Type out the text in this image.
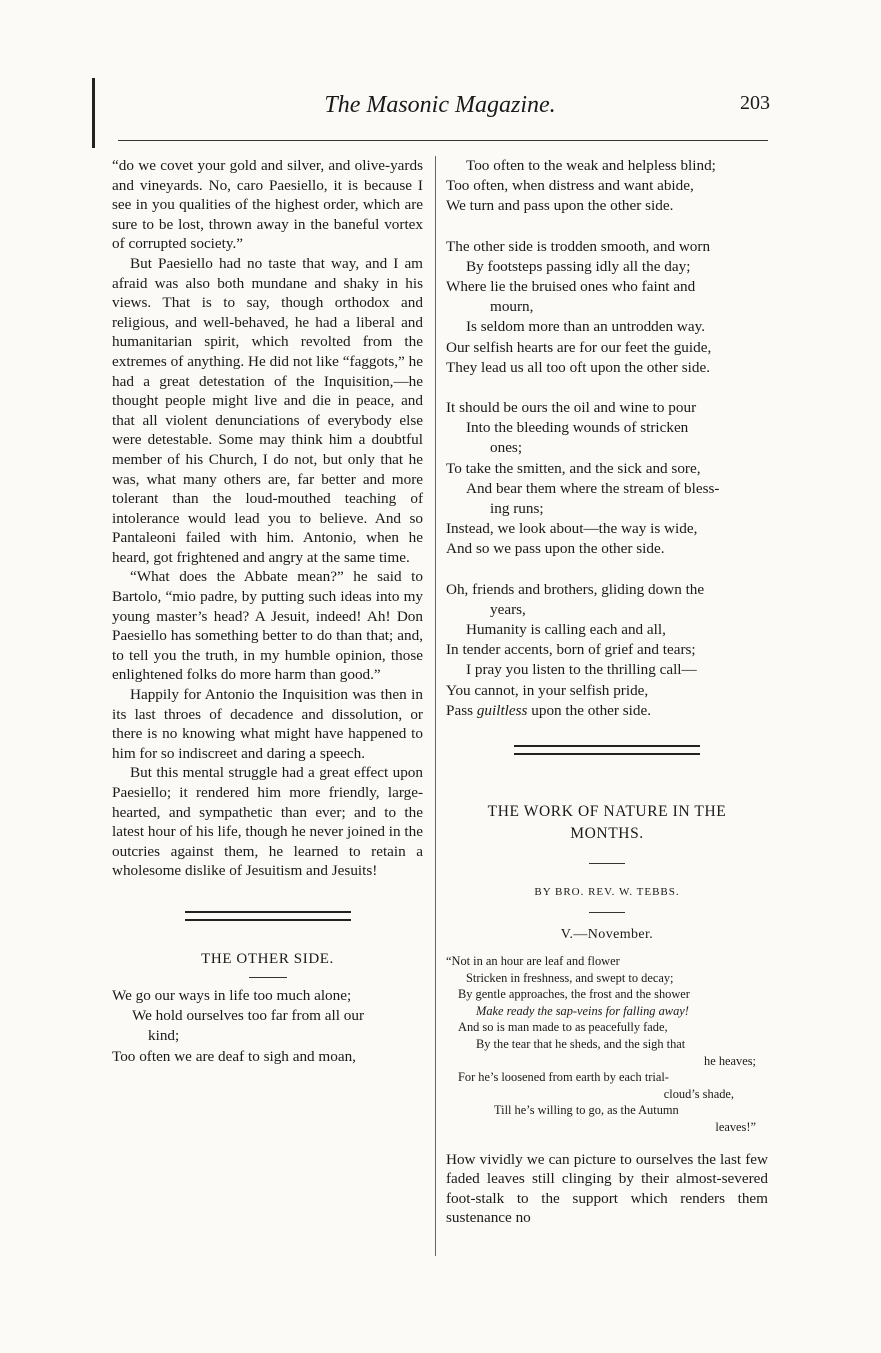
The Masonic Magazine.	203

“do we covet your gold and silver, and olive-yards and vineyards. No, caro Paesiello, it is because I see in you qualities of the highest order, which are sure to be lost, thrown away in the baneful vortex of corrupted society.”

But Paesiello had no taste that way, and I am afraid was also both mundane and shaky in his views. That is to say, though orthodox and religious, and well-behaved, he had a liberal and humanitarian spirit, which revolted from the extremes of anything. He did not like “faggots,” he had a great detestation of the Inquisition,—he thought people might live and die in peace, and that all violent denunciations of everybody else were detestable. Some may think him a doubtful member of his Church, I do not, but only that he was, what many others are, far better and more tolerant than the loud-mouthed teaching of intolerance would lead you to believe. And so Pantaleoni failed with him. Antonio, when he heard, got frightened and angry at the same time.

“What does the Abbate mean?” he said to Bartolo, “mio padre, by putting such ideas into my young master’s head? A Jesuit, indeed! Ah! Don Paesiello has something better to do than that; and, to tell you the truth, in my humble opinion, those enlightened folks do more harm than good.”

Happily for Antonio the Inquisition was then in its last throes of decadence and dissolution, or there is no knowing what might have happened to him for so indiscreet and daring a speech.

But this mental struggle had a great effect upon Paesiello; it rendered him more friendly, large-hearted, and sympathetic than ever; and to the latest hour of his life, though he never joined in the outcries against them, he learned to retain a wholesome dislike of Jesuitism and Jesuits!

THE OTHER SIDE.
We go our ways in life too much alone;
We hold ourselves too far from all our
kind;
Too often we are deaf to sigh and moan,
Too often to the weak and helpless blind;
Too often, when distress and want abide,
We turn and pass upon the other side.
The other side is trodden smooth, and worn
By footsteps passing idly all the day;
Where lie the bruised ones who faint and
mourn,
Is seldom more than an untrodden way.
Our selfish hearts are for our feet the guide,
They lead us all too oft upon the other side.
It should be ours the oil and wine to pour
Into the bleeding wounds of stricken
ones;
To take the smitten, and the sick and sore,
And bear them where the stream of bless-
ing runs;
Instead, we look about—the way is wide,
And so we pass upon the other side.
Oh, friends and brothers, gliding down the
years,
Humanity is calling each and all,
In tender accents, born of grief and tears;
I pray you listen to the thrilling call—
You cannot, in your selfish pride,
Pass guiltless upon the other side.
THE WORK OF NATURE IN THE
MONTHS.
BY BRO. REV. W. TEBBS.
V.—November.
“Not in an hour are leaf and flower
Stricken in freshness, and swept to decay;
By gentle approaches, the frost and the shower
Make ready the sap-veins for falling away!
And so is man made to as peacefully fade,
By the tear that he sheds, and the sigh that
he heaves;
For he’s loosened from earth by each trial-
cloud’s shade,
Till he’s willing to go, as the Autumn
leaves!”

How vividly we can picture to ourselves the last few faded leaves still clinging by their almost-severed foot-stalk to the support which renders them sustenance no
